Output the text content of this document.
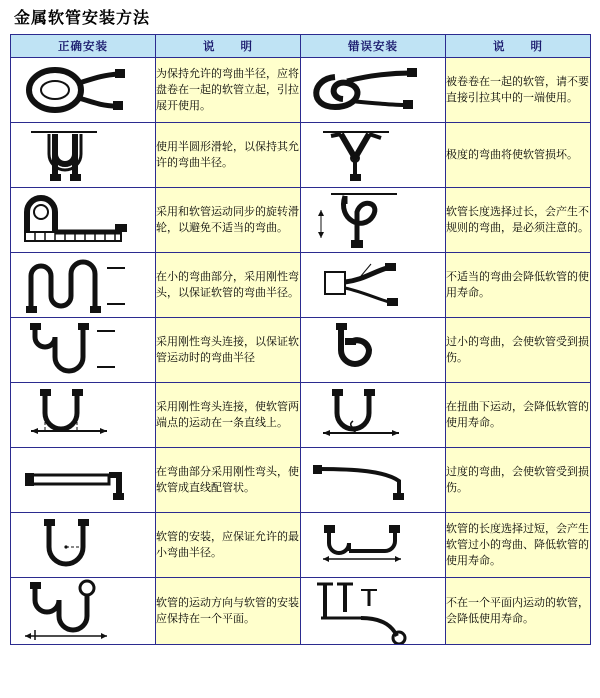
金属软管安装方法
正确安装	说　　明	错误安装	说　　明

	为保持允许的弯曲半径，应将盘卷在一起的软管立起，引拉展开使用。		被卷卷在一起的软管，请不要直接引拉其中的一端使用。

	使用半圆形滑轮，以保持其允许的弯曲半径。		极度的弯曲将使软管损坏。

	采用和软管运动同步的旋转滑轮，以避免不适当的弯曲。		软管长度选择过长，会产生不规则的弯曲，是必须注意的。

	在小的弯曲部分，采用刚性弯头，以保证软管的弯曲半径。		不适当的弯曲会降低软管的使用寿命。

	采用刚性弯头连接，以保证软管运动时的弯曲半径		过小的弯曲，会使软管受到损伤。

	采用刚性弯头连接，使软管两端点的运动在一条直线上。		在扭曲下运动，会降低软管的使用寿命。

	在弯曲部分采用刚性弯头，使软管成直线配管状。		过度的弯曲，会使软管受到损伤。

	软管的安装，应保证允许的最小弯曲半径。		软管的长度选择过短，会产生软管过小的弯曲、降低软管的使用寿命。

	软管的运动方向与软管的安装应保持在一个平面。		不在一个平面内运动的软管，会降低使用寿命。
